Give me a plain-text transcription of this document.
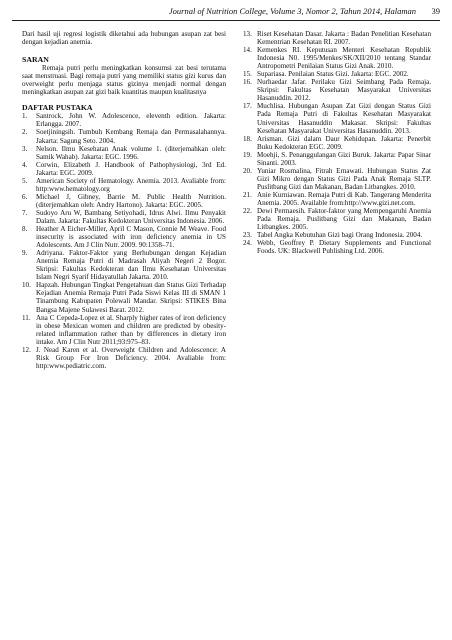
Journal of Nutrition College, Volume 3, Nomor 2, Tahun 2014, Halaman 39

Dari hasil uji regresi logistik diketahui ada hubungan asupan zat besi dengan kejadian anemia.

SARAN

Remaja putri perlu meningkatkan konsumsi zat besi terutama saat menstruasi. Bagi remaja putri yang memiliki status gizi kurus dan overweight perlu menjaga status gizinya menjadi normal dengan meningkatkan asupan zat gizi baik kuantitas maupun kualitasnya

DAFTAR PUSTAKA
1. Santrock, John W. Adolescence, eleventh edition. Jakarta: Erlangga. 2007.
2. Soetjiningsih. Tumbuh Kembang Remaja dan Permasalahannya. Jakarta: Sagung Seto. 2004.
3. Nelson. Ilmu Kesehatan Anak volume 1. (diterjemahkan oleh: Samik Wahab). Jakarta: EGC. 1996.
4. Corwin, Elizabeth J. Handbook of Pathophysiologi, 3rd Ed. Jakarta: EGC. 2009.
5. American Society of Hematology. Anemia. 2013. Avaliable from: http:www.hematology.org
6. Michael J, Gibney, Barrie M. Public Health Nutrition. (diterjemahkan oleh: Andry Hartono). Jakarta: EGC. 2005.
7. Sudoyo Aru W, Bambang Setiyohadi, Idrus Alwi. Ilmu Penyakit Dalam. Jakarta: Fakultas Kedokteran Universitas Indonesia. 2006.
8. Heather A Eicher-Miller, April C Mason, Connie M Weave. Food insecurity is associated with iron deficiency anemia in US Adolescents. Am J Clin Nutr. 2009. 90:1358–71.
9. Adriyana. Faktor-Faktor yang Berhubungan dengan Kejadian Anemia Remaja Putri di Madrasah Aliyah Negeri 2 Bogor. Skripsi: Fakultas Kedokteran dan Ilmu Kesehatan Universitas Islam Negri Syarif Hidayatullah Jakarta. 2010.
10. Hapzah. Hubungan Tingkat Pengetahuan dan Status Gizi Terhadap Kejadian Anemia Remaja Putri Pada Siswi Kelas III di SMAN 1 Tinambung Kabupaten Polewali Mandar. Skripsi: STIKES Bina Bangsa Majene Sulawesi Barat. 2012.
11. Ana C Cepeda-Lopez et al. Sharply higher rates of iron deficiency in obese Mexican women and children are predicted by obesity-related inflammation rather than by differences in dietary iron intake. Am J Clin Nutr 2011;93:975–83.
12. J. Nead Karen et al. Overweight Children and Adolescence: A Risk Group For Iron Deficiency. 2004. Avaliable from: http:www.pediatric.com.
13. Riset Kesehatan Dasar. Jakarta : Badan Penelitian Kesehatan Kementrian Kesehatan RI. 2007.
14. Kemenkes RI. Keputusan Menteri Kesehatan Republik Indonesia N0. 1995/Menkes/SK/XII/2010 tentang Standar Antropometri Penilaian Status Gizi Anak. 2010.
15. Supariasa. Penilaian Status Gizi. Jakarta: EGC. 2002.
16. Nurhaedar Jafar. Perilaku Gizi Seimbang Pada Remaja. Skripsi: Fakultas Kesehatan Masyarakat Universitas Hasanuddin. 2012.
17. Muchlisa. Hubungan Asupan Zat Gizi dengan Status Gizi Pada Remaja Putri di Fakultas Kesehatan Masyarakat Universitas Hasanuddin Makasar. Skripsi: Fakultas Kesehatan Masyarakat Universitas Hasanuddin. 2013.
18. Arisman. Gizi dalam Daur Kehidupan. Jakarta: Penerbit Buku Kedokteran EGC. 2009.
19. Moehji, S. Penanggulangan Gizi Buruk. Jakarta: Papar Sinar Sinanti. 2003.
20. Yuniar Rosmalina, Fitrah Ernawati. Hubungan Status Zat Gizi Mikro dengan Status Gizi Pada Anak Remaja SLTP. Puslitbang Gizi dan Makanan, Badan Litbangkes. 2010.
21. Anie Kurniawan. Remaja Putri di Kab. Tangerang Menderita Anemia. 2005. Available from:http://www.gizi.net.com.
22. Dewi Permaesih. Faktor-faktor yang Mempengaruhi Anemia Pada Remaja. Puslitbang Gizi dan Makanan, Badan Litbangkes. 2005.
23. Tabel Angka Kebutuhan Gizi bagi Orang Indonesia. 2004.
24. Webb, Geoffrey P. Dietary Supplements and Functional Foods. UK: Blackwell Publishing Ltd. 2006.
